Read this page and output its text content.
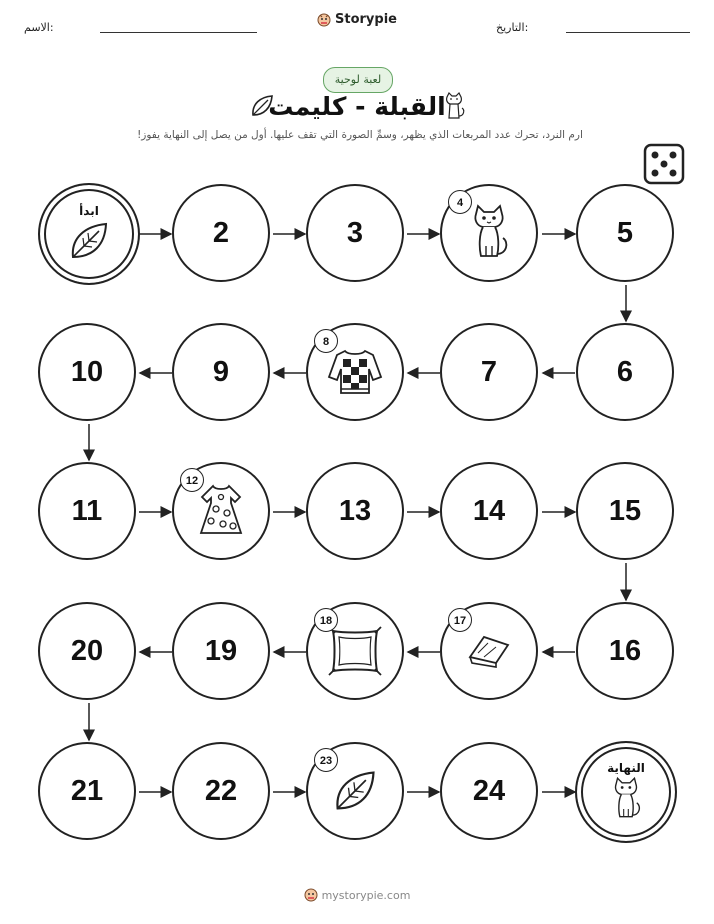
الاسم:
Storypie
التاريخ:
لعبة لوحية
القبلة - كليمت
ارم النرد، تحرك عدد المربعات الذي يظهر، وسمِّ الصورة التي تقف عليها. أول من يصل إلى النهاية يفوز!
ابدأ
2	3
4
5
10	9
8
7	6
11
12
13	14	15
20	19
18	17
16
21	22
23
24
النهاية
mystorypie.com
